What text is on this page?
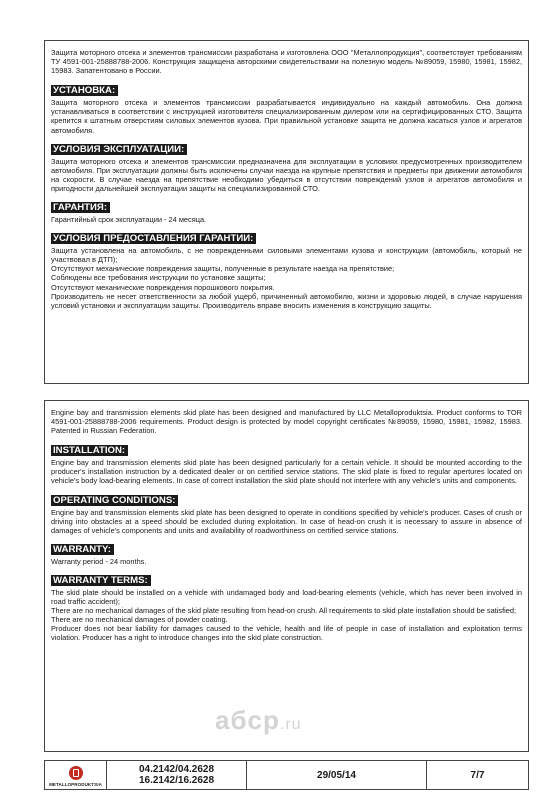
Защита моторного отсека и элементов трансмиссии разработана и изготовлена ООО "Металлопродукция", соответствует требованиям ТУ 4591-001-25888788-2006. Конструкция защищена авторскими свидетельствами на полезную модель №89059, 15980, 15981, 15982, 15983. Запатентовано в России.

УСТАНОВКА:

Защита моторного отсека и элементов трансмиссии разрабатывается индивидуально на каждый автомобиль. Она должна устанавливаться в соответствии с инструкцией изготовителя специализированным дилером или на сертифицированных СТО. Защита крепится к штатным отверстиям силовых элементов кузова. При правильной установке защита не должна касаться узлов и агрегатов автомобиля.

УСЛОВИЯ ЭКСПЛУАТАЦИИ:

Защита моторного отсека и элементов трансмиссии предназначена для эксплуатации в условиях предусмотренных производителем автомобиля. При эксплуатации должны быть исключены случаи наезда на крупные препятствия и предметы при движении автомобиля на скорости. В случае наезда на препятствие необходимо убедиться в отсутствии повреждений узлов и агрегатов автомобиля и пригодности дальнейшей эксплуатации защиты на специализированной СТО.

ГАРАНТИЯ:

Гарантийный срок эксплуатации - 24 месяца.

УСЛОВИЯ ПРЕДОСТАВЛЕНИЯ ГАРАНТИИ:

Защита установлена на автомобиль, с не поврежденными силовыми элементами кузова и конструкции (автомобиль, который не участвовал в ДТП);

Отсутствуют механические повреждения защиты, полученные в результате наезда на препятствие;

Соблюдены все требования инструкции по установке защиты;

Отсутствуют механические повреждения порошкового покрытия.

Производитель не несет ответственности за любой ущерб, причиненный автомобилю, жизни и здоровью людей, в случае нарушения условий установки и эксплуатации защиты. Производитель вправе вносить изменения в конструкцию защиты.

Engine bay and transmission elements skid plate has been designed and manufactured by LLC Metalloproduktsia. Product conforms to TOR 4591-001-25888788-2006 requirements. Product design is protected by model copyright certificates №89059, 15980, 15981, 15982, 15983. Patented in Russian Federation.

INSTALLATION:

Engine bay and transmission elements skid plate has been designed particularly for a certain vehicle. It should be mounted according to the producer's installation instruction by a dedicated dealer or on certified service stations. The skid plate is fixed to regular apertures located on vehicle's body load-bearing elements. In case of correct installation the skid plate should not interfere with any vehicle's units and components.

OPERATING CONDITIONS:

Engine bay and transmission elements skid plate has been designed to operate in conditions specified by vehicle's producer. Cases of crush or driving into obstacles at a speed should be excluded during exploitation. In case of head-on crush it is necessary to assure in absence of damages of vehicle's components and units and availability of roadworthiness on certified service stations.

WARRANTY:

Warranty period - 24 months.

WARRANTY TERMS:

The skid plate should be installed on a vehicle with undamaged body and load-bearing elements (vehicle, which has never been involved in road traffic accident);

There are no mechanical damages of the skid plate resulting from head-on crush. All requirements to skid plate installation should be satisfied;

There are no mechanical damages of powder coating.

Producer does not bear liability for damages caused to the vehicle, health and life of people in case of installation and exploitation terms violation. Producer has a right to introduce changes into the skid plate construction.

aбcp.ru
METALLOPRODUKTSIA
04.2142/04.2628
16.2142/16.2628	29/05/14	7/7
